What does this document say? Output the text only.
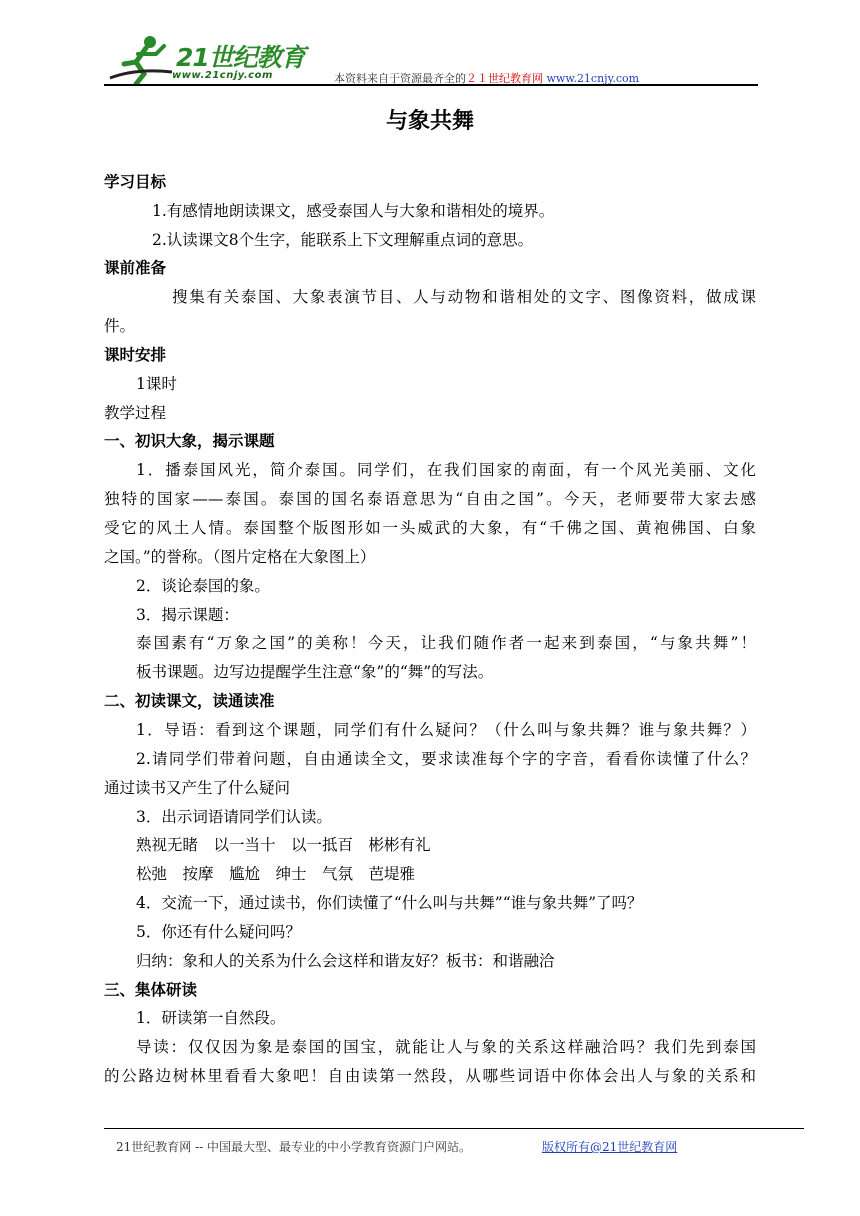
21世纪教育
www.21cnjy.com	本资料来自于资源最齐全的２１世纪教育网 www.21cnjy.com
与象共舞
学习目标
1.有感情地朗读课文，感受泰国人与大象和谐相处的境界。
2.认读课文8个生字，能联系上下文理解重点词的意思。
课前准备
搜集有关泰国、大象表演节目、人与动物和谐相处的文字、图像资料，做成课
件。
课时安排
1课时
教学过程
一、初识大象，揭示课题
1．播泰国风光，简介泰国。同学们，在我们国家的南面，有一个风光美丽、文化
独特的国家——泰国。泰国的国名泰语意思为“自由之国”。今天，老师要带大家去感
受它的风土人情。泰国整个版图形如一头威武的大象，有“千佛之国、黄袍佛国、白象
之国。”的誉称。（图片定格在大象图上）
2．谈论泰国的象。
3．揭示课题：
泰国素有“万象之国”的美称！今天，让我们随作者一起来到泰国，“与象共舞”！
板书课题。边写边提醒学生注意“象”的“舞”的写法。
二、初读课文，读通读准
1．导语：看到这个课题，同学们有什么疑问？（什么叫与象共舞？谁与象共舞？）
2.请同学们带着问题，自由通读全文，要求读准每个字的字音，看看你读懂了什么？
通过读书又产生了什么疑问
3．出示词语请同学们认读。
熟视无睹　以一当十　以一抵百　彬彬有礼
松弛　按摩　尴尬　绅士　气氛　芭堤雅
4．交流一下，通过读书，你们读懂了“什么叫与共舞”“谁与象共舞”了吗？
5．你还有什么疑问吗？
归纳：象和人的关系为什么会这样和谐友好？板书：和谐融洽
三、集体研读
1．研读第一自然段。
导读：仅仅因为象是泰国的国宝，就能让人与象的关系这样融洽吗？我们先到泰国
的公路边树林里看看大象吧！自由读第一然段，从哪些词语中你体会出人与象的关系和
21世纪教育网 -- 中国最大型、最专业的中小学教育资源门户网站。	版权所有@21世纪教育网
